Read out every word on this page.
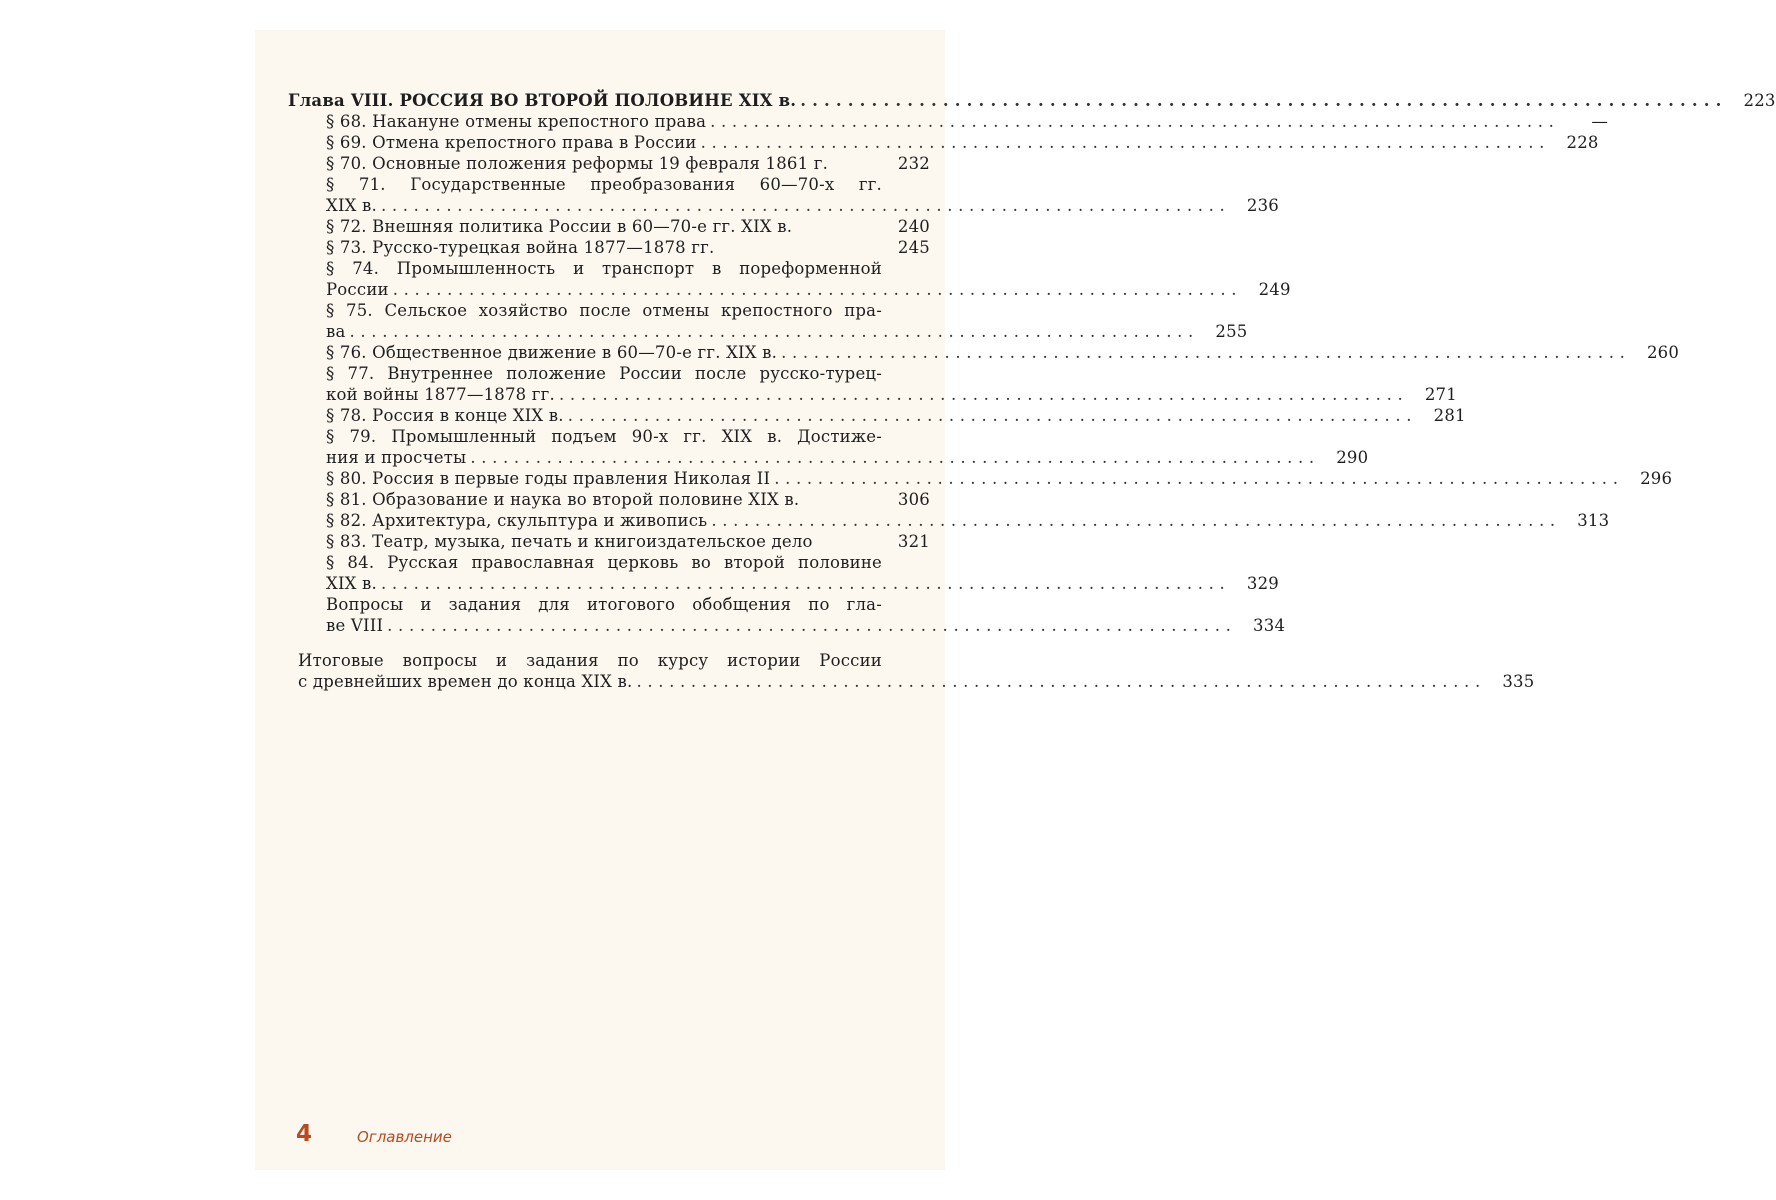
Глава VIII. РОССИЯ ВО ВТОРОЙ ПОЛОВИНЕ XIX в. . . .	223
§ 68. Накануне отмены крепостного права . . .	—
§ 69. Отмена крепостного права в России . . .	228
§ 70. Основные положения реформы 19 февраля 1861 г.	232
§ 71. Государственные преобразования 60—70-х гг.
XIX в. . . .	236
§ 72. Внешняя политика России в 60—70-е гг. XIX в.	240
§ 73. Русско-турецкая война 1877—1878 гг.	245
§ 74. Промышленность и транспорт в пореформенной
России . . .	249
§ 75. Сельское хозяйство после отмены крепостного пра-
ва . . .	255
§ 76. Общественное движение в 60—70-е гг. XIX в. . . .	260
§ 77. Внутреннее положение России после русско-турец-
кой войны 1877—1878 гг. . . .	271
§ 78. Россия в конце XIX в. . . .	281
§ 79. Промышленный подъем 90-х гг. XIX в. Достиже-
ния и просчеты . . .	290
§ 80. Россия в первые годы правления Николая II . . .	296
§ 81. Образование и наука во второй половине XIX в.	306
§ 82. Архитектура, скульптура и живопись . . .	313
§ 83. Театр, музыка, печать и книгоиздательское дело	321
§ 84. Русская православная церковь во второй половине
XIX в. . . .	329
Вопросы и задания для итогового обобщения по гла-
ве VIII . . .	334
Итоговые вопросы и задания по курсу истории России
с древнейших времен до конца XIX в. . . .	335
4	Оглавление
